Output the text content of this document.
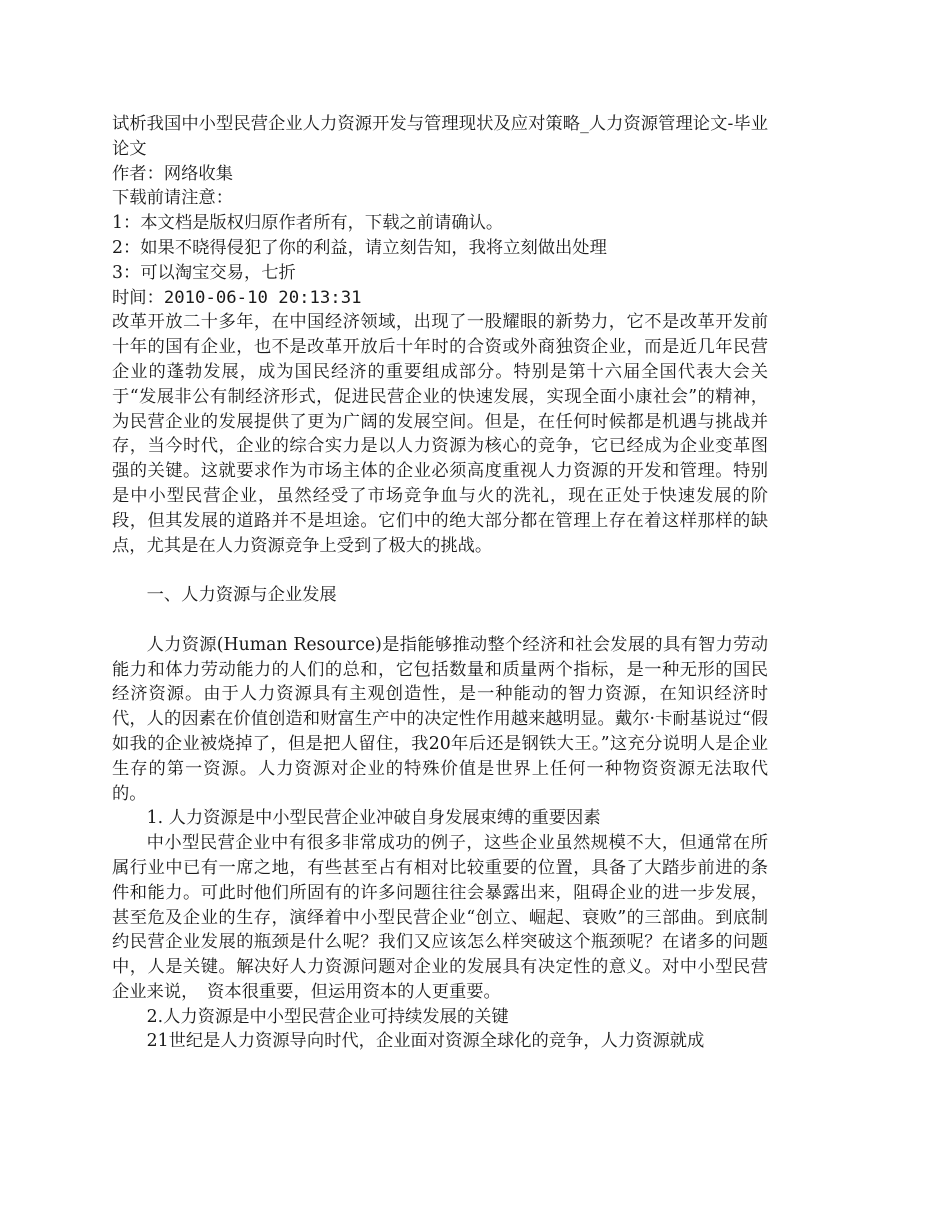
试析我国中小型民营企业人力资源开发与管理现状及应对策略_人力资源管理论文-毕业论文

作者：网络收集

下载前请注意：

1：本文档是版权归原作者所有，下载之前请确认。

2：如果不晓得侵犯了你的利益，请立刻告知，我将立刻做出处理

3：可以淘宝交易，七折

时间：2010-06-10 20:13:31

改革开放二十多年，在中国经济领域，出现了一股耀眼的新势力，它不是改革开发前十年的国有企业，也不是改革开放后十年时的合资或外商独资企业，而是近几年民营企业的蓬勃发展，成为国民经济的重要组成部分。特别是第十六届全国代表大会关于“发展非公有制经济形式，促进民营企业的快速发展，实现全面小康社会”的精神，为民营企业的发展提供了更为广阔的发展空间。但是，在任何时候都是机遇与挑战并存，当今时代，企业的综合实力是以人力资源为核心的竞争，它已经成为企业变革图强的关键。这就要求作为市场主体的企业必须高度重视人力资源的开发和管理。特别是中小型民营企业，虽然经受了市场竞争血与火的洗礼，现在正处于快速发展的阶段，但其发展的道路并不是坦途。它们中的绝大部分都在管理上存在着这样那样的缺点，尤其是在人力资源竞争上受到了极大的挑战。

一、人力资源与企业发展

人力资源(Human Resource)是指能够推动整个经济和社会发展的具有智力劳动能力和体力劳动能力的人们的总和，它包括数量和质量两个指标，是一种无形的国民经济资源。由于人力资源具有主观创造性，是一种能动的智力资源，在知识经济时代，人的因素在价值创造和财富生产中的决定性作用越来越明显。戴尔·卡耐基说过“假如我的企业被烧掉了，但是把人留住，我20年后还是钢铁大王。”这充分说明人是企业生存的第一资源。人力资源对企业的特殊价值是世界上任何一种物资资源无法取代的。

1. 人力资源是中小型民营企业冲破自身发展束缚的重要因素

中小型民营企业中有很多非常成功的例子，这些企业虽然规模不大，但通常在所属行业中已有一席之地，有些甚至占有相对比较重要的位置，具备了大踏步前进的条件和能力。可此时他们所固有的许多问题往往会暴露出来，阻碍企业的进一步发展，甚至危及企业的生存，演绎着中小型民营企业“创立、崛起、衰败”的三部曲。到底制约民营企业发展的瓶颈是什么呢？我们又应该怎么样突破这个瓶颈呢？在诸多的问题中，人是关键。解决好人力资源问题对企业的发展具有决定性的意义。对中小型民营企业来说，　资本很重要，但运用资本的人更重要。

2.人力资源是中小型民营企业可持续发展的关键

21世纪是人力资源导向时代，企业面对资源全球化的竞争，人力资源就成
